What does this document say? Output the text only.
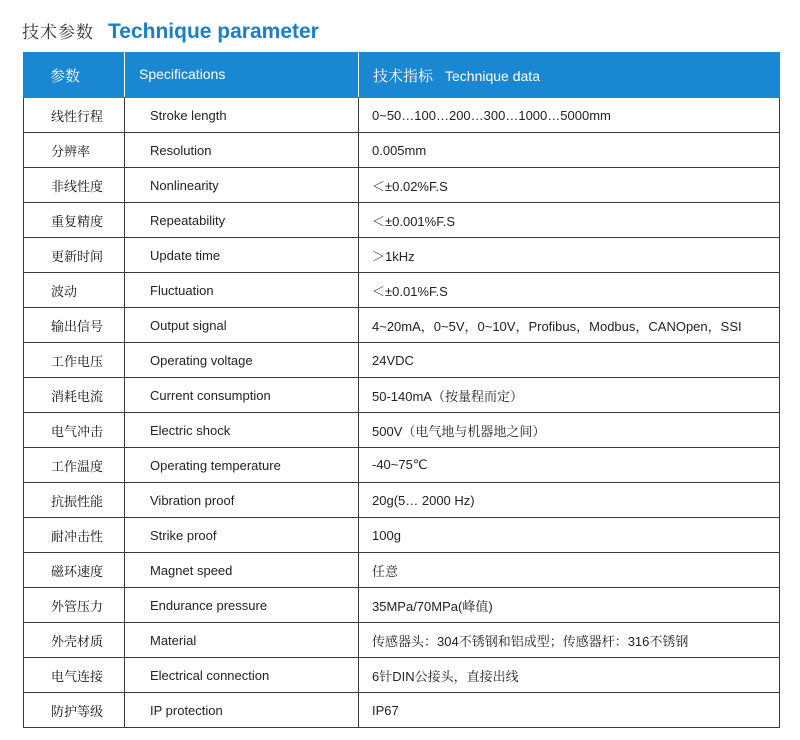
技术参数 Technique parameter
参数	Specifications	技术指标 Technique data
线性行程	Stroke length	0~50…100…200…300…1000…5000mm
分辨率	Resolution	0.005mm
非线性度	Nonlinearity	＜±0.02%F.S
重复精度	Repeatability	＜±0.001%F.S
更新时间	Update time	＞1kHz
波动	Fluctuation	＜±0.01%F.S
输出信号	Output signal	4~20mA，0~5V，0~10V，Profibus，Modbus，CANOpen，SSI
工作电压	Operating voltage	24VDC
消耗电流	Current consumption	50-140mA（按量程而定）
电气冲击	Electric shock	500V（电气地与机器地之间）
工作温度	Operating temperature	-40~75℃
抗振性能	Vibration proof	20g(5… 2000 Hz)
耐冲击性	Strike proof	100g
磁环速度	Magnet speed	任意
外管压力	Endurance pressure	35MPa/70MPa(峰值)
外壳材质	Material	传感器头：304不锈钢和铝成型；传感器杆：316不锈钢
电气连接	Electrical connection	6针DIN公接头，直接出线
防护等级	IP protection	IP67
